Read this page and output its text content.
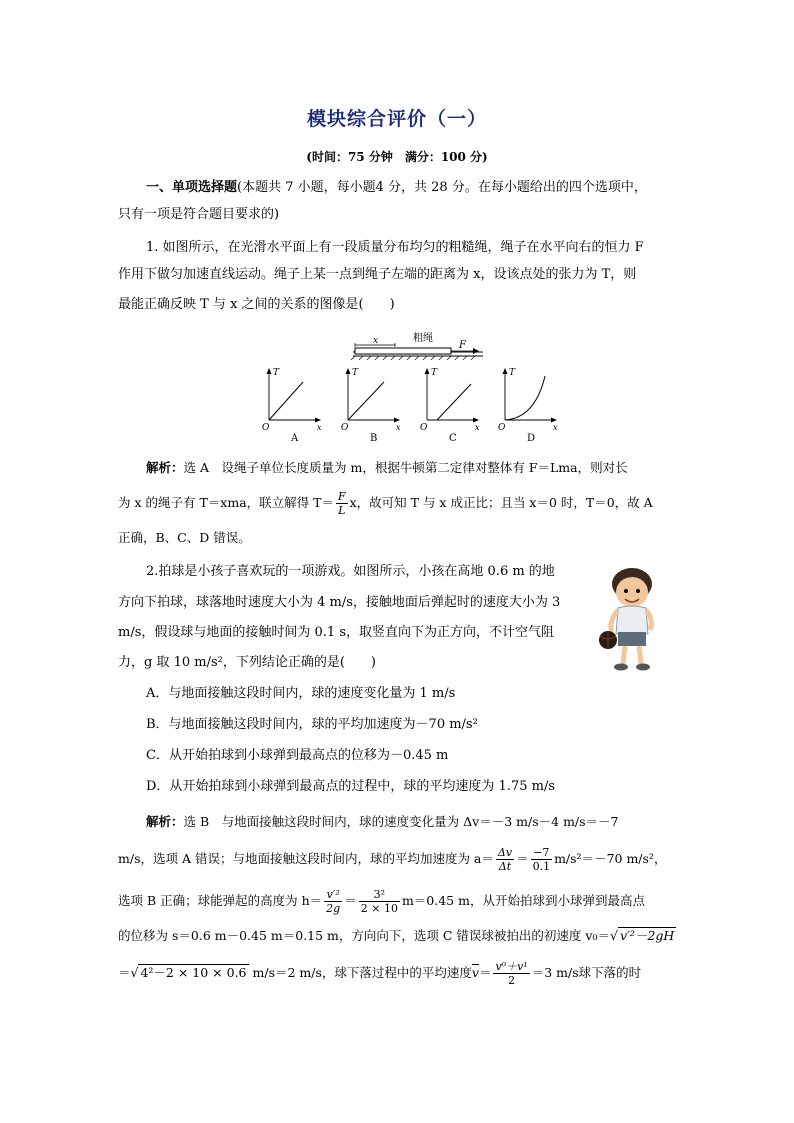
模块综合评价（一）
(时间：75 分钟　满分：100 分)
一、单项选择题(本题共 7 小题，每小题4 分，共 28 分。在每小题给出的四个选项中，
只有一项是符合题目要求的)
1. 如图所示，在光滑水平面上有一段质量分布均匀的粗糙绳，绳子在水平向右的恒力 F
作用下做匀加速直线运动。绳子上某一点到绳子左端的距离为 x，设该点处的张力为 T，则
最能正确反映 T 与 x 之间的关系的图像是(　　)
x	粗绳
F
T
x
O
A
T
x
O
B
T
x
O
C
T
x
O
D
解析：选 A　设绳子单位长度质量为 m，根据牛顿第二定律对整体有 F＝Lma，则对长
为 x 的绳子有 T＝xma，联立解得 $T= \frac{F}{L}$ x，故可知 T 与 x 成正比；且当 x＝0 时，T＝0，故 A
正确，B、C、D 错误。
2.拍球是小孩子喜欢玩的一项游戏。如图所示，小孩在高地 0.6 m 的地
方向下拍球，球落地时速度大小为 4 m/s，接触地面后弹起时的速度大小为 3
m/s，假设球与地面的接触时间为 0.1 s，取竖直向下为正方向，不计空气阻
力，g 取 10 m/s²，下列结论正确的是(　　)
A．与地面接触这段时间内，球的速度变化量为 1 m/s
B．与地面接触这段时间内，球的平均加速度为－70 m/s²
C．从开始拍球到小球弹到最高点的位移为－0.45 m
D．从开始拍球到小球弹到最高点的过程中，球的平均速度为 1.75 m/s
解析：选 B　与地面接触这段时间内，球的速度变化量为 Δv＝－3 m/s－4 m/s＝－7
m/s，选项 A 错误；与地面接触这段时间内，球的平均加速度为 $a= \frac{\Delta v}{\Delta t} = \frac{-7}{0.1} m/s^2=-70$ m/s²，
选项 B 正确；球能弹起的高度为 $h= \frac{\text{v′²}}{2g} = \frac{\text{3²}}{2 \times 10} m=0.45$ m，从开始拍球到小球弹到最高点
的位移为 s＝0.6 m－0.45 m＝0.15 m，方向向下，选项 C 错误球被拍出的初速度 v₀＝√ v′²－2gH
＝√ 4²－2 × 10 × 0.6 m/s＝2 m/s，球下落过程中的平均速度$\overline{v}= \frac{\text{v⁰＋v¹}}{2} =3$ m/s球下落的时
